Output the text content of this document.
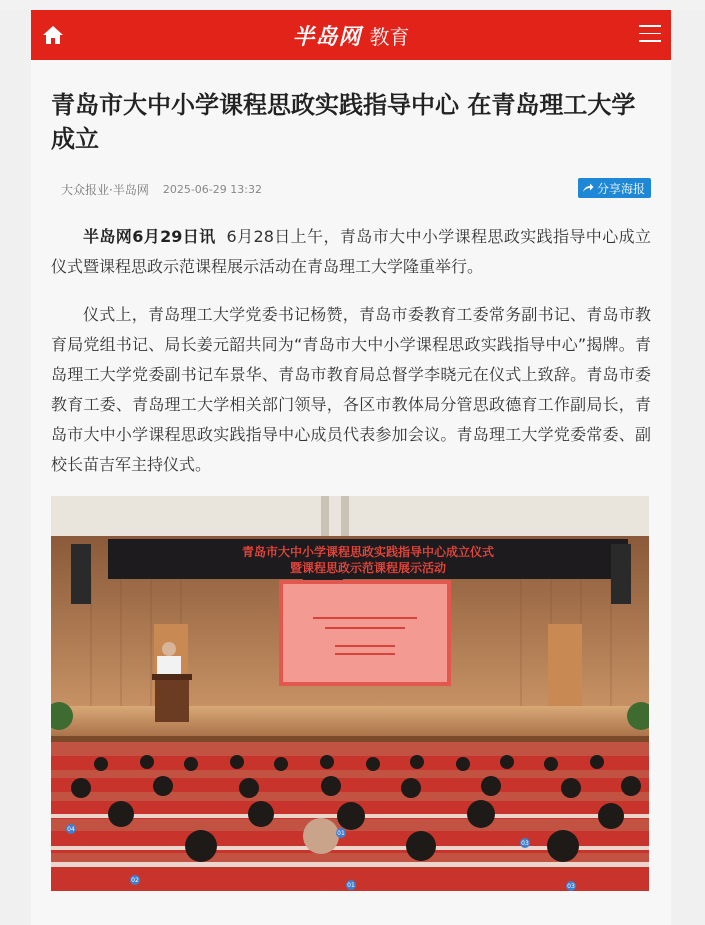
半岛网 教育
青岛市大中小学课程思政实践指导中心 在青岛理工大学成立
大众报业·半岛网 2025-06-29 13:32	分享海报

半岛网6月29日讯 6月28日上午，青岛市大中小学课程思政实践指导中心成立仪式暨课程思政示范课程展示活动在青岛理工大学隆重举行。

仪式上，青岛理工大学党委书记杨赞，青岛市委教育工委常务副书记、青岛市教育局党组书记、局长姜元韶共同为“青岛市大中小学课程思政实践指导中心”揭牌。青岛理工大学党委副书记车景华、青岛市教育局总督学李晓元在仪式上致辞。青岛市委教育工委、青岛理工大学相关部门领导，各区市教体局分管思政德育工作副局长，青岛市大中小学课程思政实践指导中心成员代表参加会议。青岛理工大学党委常委、副校长苗吉军主持仪式。

青岛市大中小学课程思政实践指导中心成立仪式
暨课程思政示范课程展示活动
04
01
03
02
01	03
